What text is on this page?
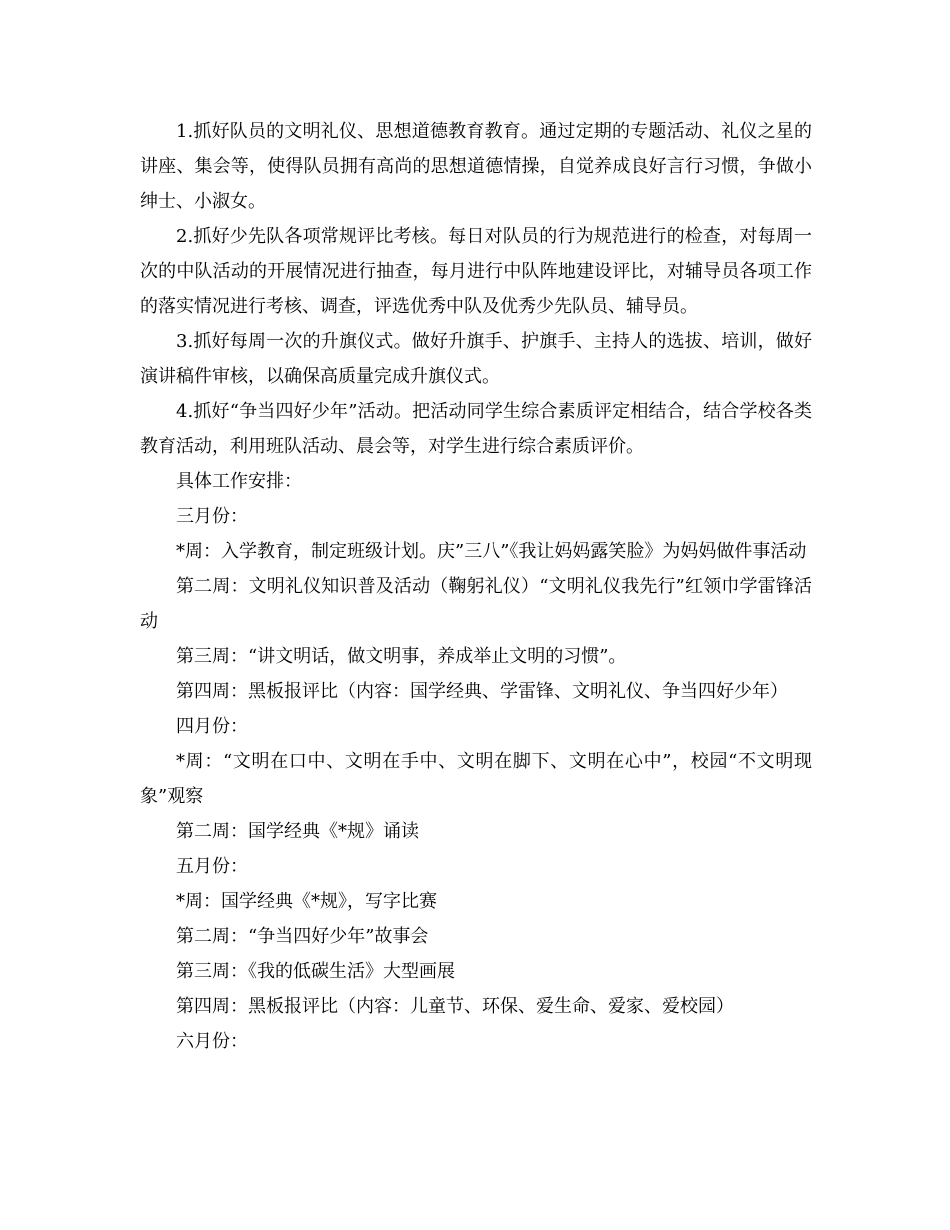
1.抓好队员的文明礼仪、思想道德教育教育。通过定期的专题活动、礼仪之星的讲座、集会等，使得队员拥有高尚的思想道德情操，自觉养成良好言行习惯，争做小绅士、小淑女。

2.抓好少先队各项常规评比考核。每日对队员的行为规范进行的检查，对每周一次的中队活动的开展情况进行抽查，每月进行中队阵地建设评比，对辅导员各项工作的落实情况进行考核、调查，评选优秀中队及优秀少先队员、辅导员。

3.抓好每周一次的升旗仪式。做好升旗手、护旗手、主持人的选拔、培训，做好演讲稿件审核，以确保高质量完成升旗仪式。

4.抓好“争当四好少年”活动。把活动同学生综合素质评定相结合，结合学校各类教育活动，利用班队活动、晨会等，对学生进行综合素质评价。

具体工作安排：

三月份：

*周：入学教育，制定班级计划。庆”三八”《我让妈妈露笑脸》为妈妈做件事活动

第二周：文明礼仪知识普及活动（鞠躬礼仪）“文明礼仪我先行”红领巾学雷锋活动

第三周：“讲文明话，做文明事，养成举止文明的习惯”。

第四周：黑板报评比（内容：国学经典、学雷锋、文明礼仪、争当四好少年）

四月份：

*周：“文明在口中、文明在手中、文明在脚下、文明在心中”，校园“不文明现象”观察

第二周：国学经典《*规》诵读

五月份：

*周：国学经典《*规》，写字比赛

第二周：“争当四好少年”故事会

第三周：《我的低碳生活》大型画展

第四周：黑板报评比（内容：儿童节、环保、爱生命、爱家、爱校园）

六月份：
